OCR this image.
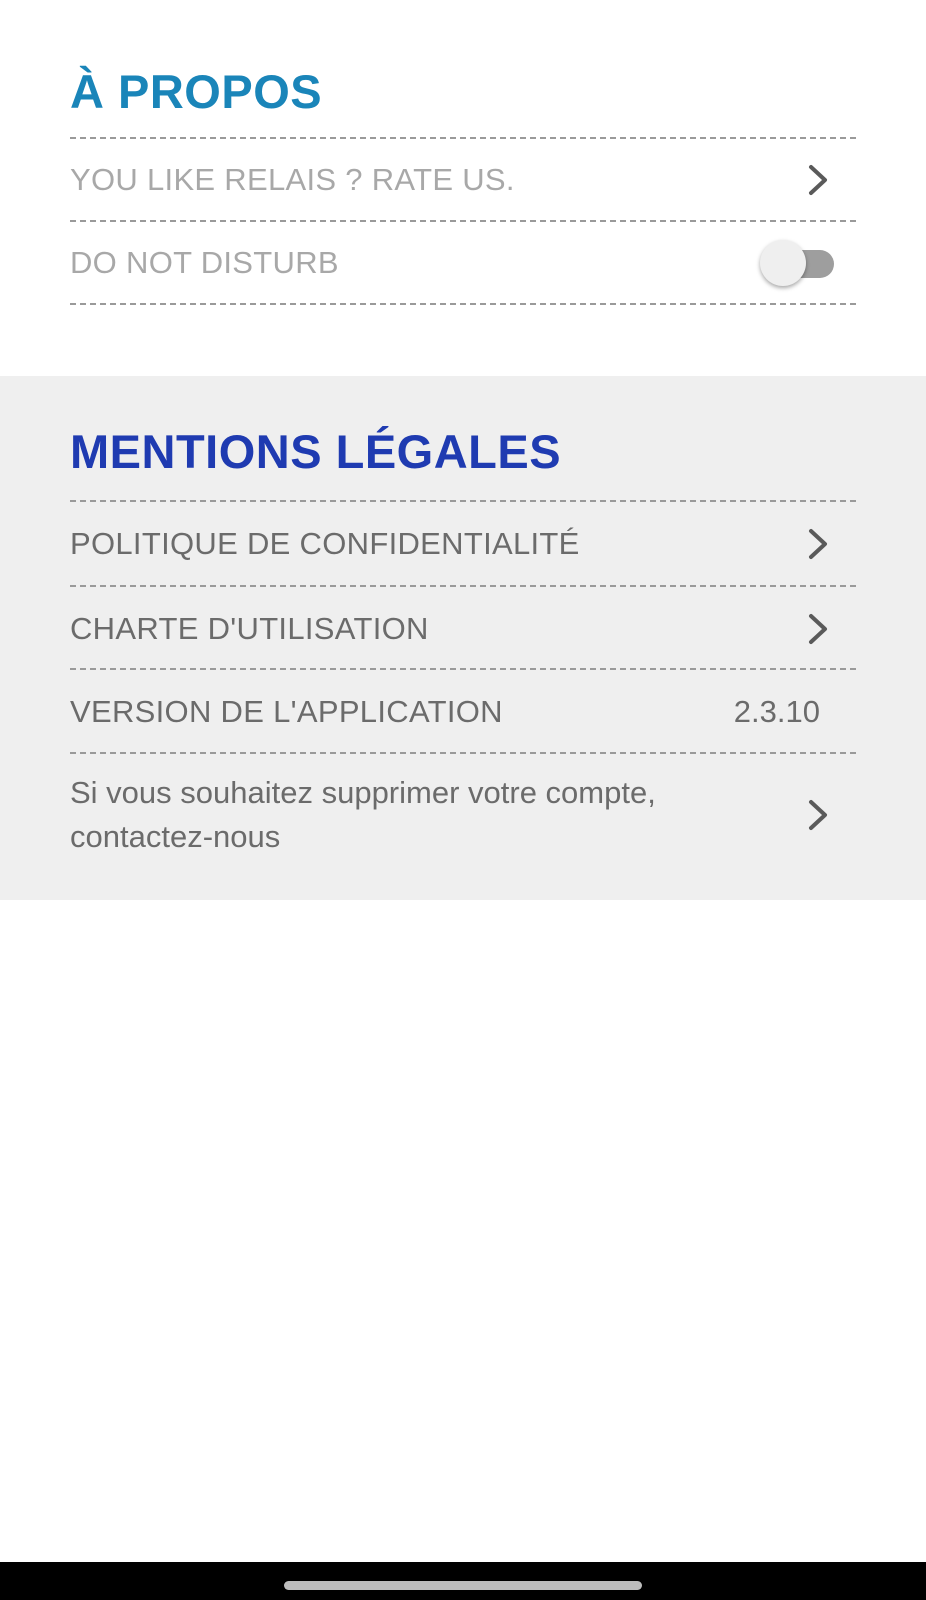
À PROPOS
YOU LIKE RELAIS ? RATE US.
DO NOT DISTURB
MENTIONS LÉGALES
POLITIQUE DE CONFIDENTIALITÉ
CHARTE D'UTILISATION
VERSION DE L'APPLICATION	2.3.10
Si vous souhaitez supprimer votre compte, contactez-nous
